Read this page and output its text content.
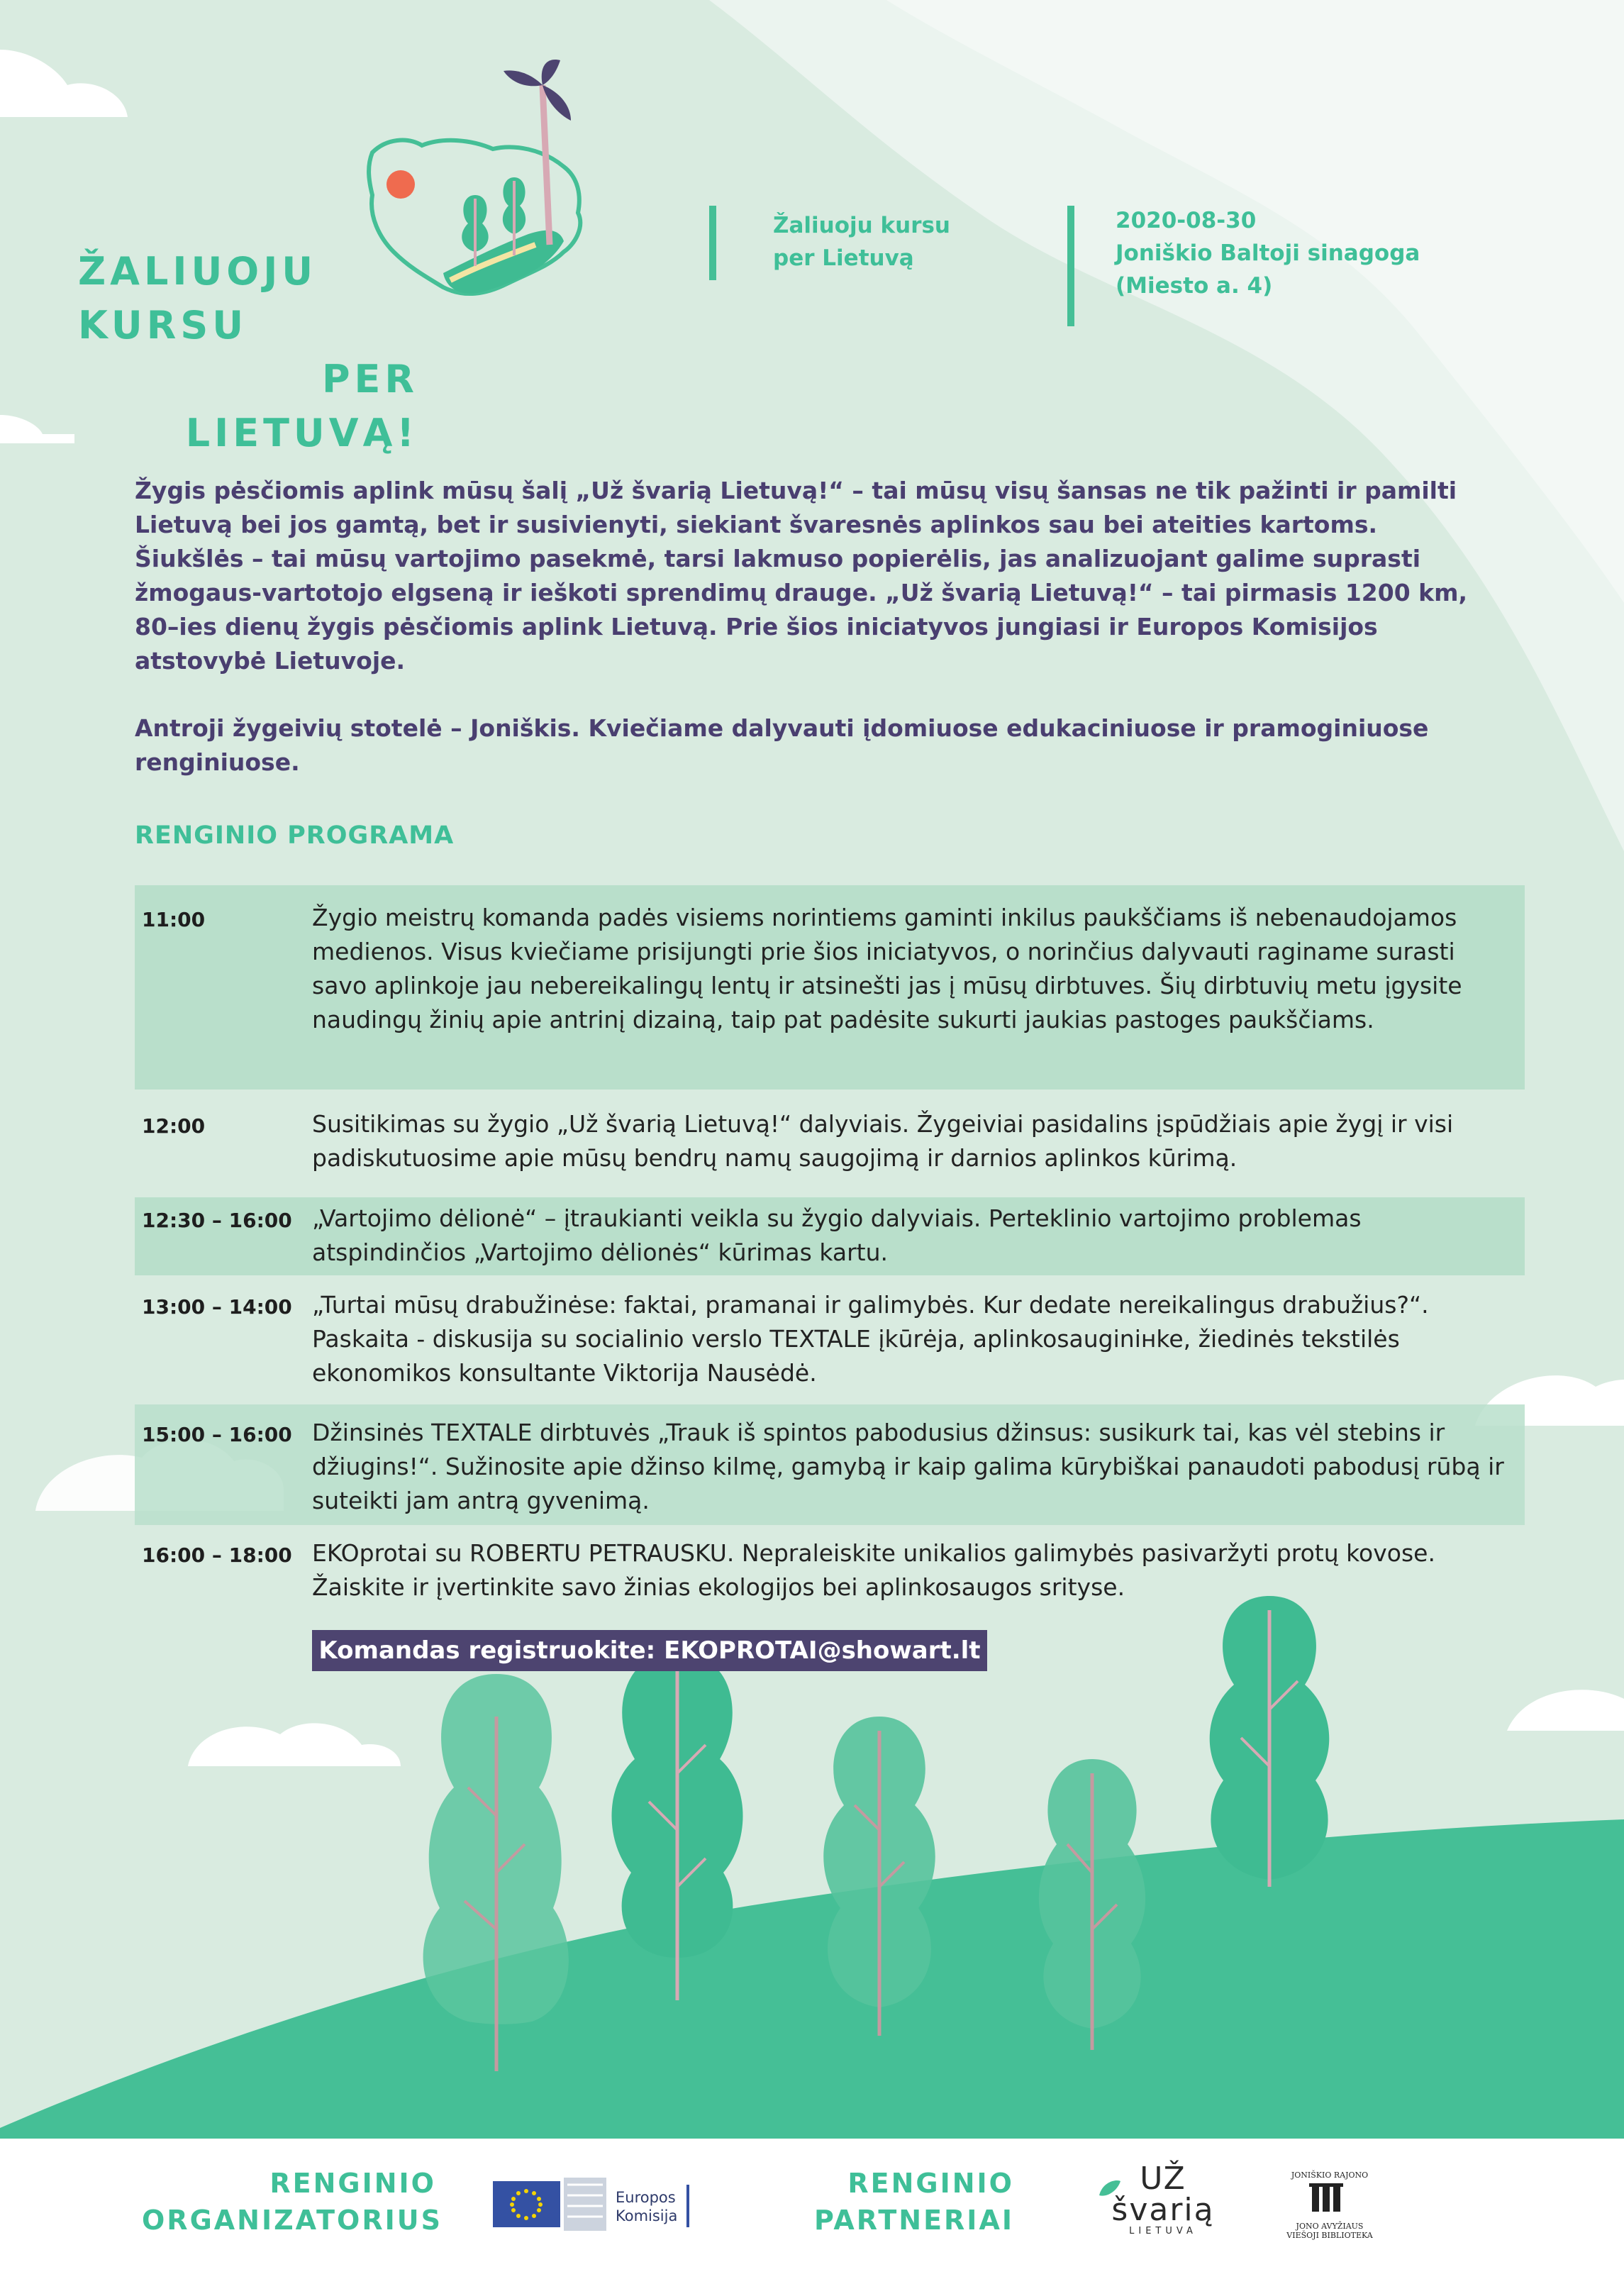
ŽALIUOJU KURSU
PER LIETUVĄ!
Žaliuoju kursu
per Lietuvą
2020-08-30
Joniškio Baltoji sinagoga
(Miesto a. 4)

Žygis pėsčiomis aplink mūsų šalį „Už švarią Lietuvą!“ – tai mūsų visų šansas ne tik pažinti ir pamilti Lietuvą bei jos gamtą, bet ir susivienyti, siekiant švaresnės aplinkos sau bei ateities kartoms. Šiukšlės – tai mūsų vartojimo pasekmė, tarsi lakmuso popierėlis, jas analizuojant galime suprasti žmogaus-vartotojo elgseną ir ieškoti sprendimų drauge. „Už švarią Lietuvą!“ – tai pirmasis 1200 km, 80–ies dienų žygis pėsčiomis aplink Lietuvą. Prie šios iniciatyvos jungiasi ir Europos Komisijos atstovybė Lietuvoje.

Antroji žygeivių stotelė – Joniškis. Kviečiame dalyvauti įdomiuose edukaciniuose ir pramoginiuose renginiuose.

RENGINIO PROGRAMA
11:00	Žygio meistrų komanda padės visiems norintiems gaminti inkilus paukščiams iš nebenaudojamos medienos. Visus kviečiame prisijungti prie šios iniciatyvos, o norinčius dalyvauti raginame surasti savo aplinkoje jau nebereikalingų lentų ir atsinešti jas į mūsų dirbtuves. Šių dirbtuvių metu įgysite naudingų žinių apie antrinį dizainą, taip pat padėsite sukurti jaukias pastoges paukščiams.
12:00	Susitikimas su žygio „Už švarią Lietuvą!“ dalyviais. Žygeiviai pasidalins įspūdžiais apie žygį ir visi padiskutuosime apie mūsų bendrų namų saugojimą ir darnios aplinkos kūrimą.
12:30 – 16:00 „Vartojimo dėlionė“ – įtraukianti veikla su žygio dalyviais. Perteklinio vartojimo problemas atspindinčios „Vartojimo dėlionės“ kūrimas kartu.
13:00 – 14:00 „Turtai mūsų drabužinėse: faktai, pramanai ir galimybės. Kur dedate nereikalingus drabužius?“. Paskaita - diskusija su socialinio verslo TEXTALE įkūrėja, aplinkosauginінke, žiedinės tekstilės ekonomikos konsultante Viktorija Nausėdė.
15:00 – 16:00 Džinsinės TEXTALE dirbtuvės „Trauk iš spintos pabodusius džinsus: susikurk tai, kas vėl stebins ir džiugins!“. Sužinosite apie džinso kilmę, gamybą ir kaip galima kūrybiškai panaudoti pabodusį rūbą ir suteikti jam antrą gyvenimą.
16:00 – 18:00 EKOprotai su ROBERTU PETRAUSKU. Nepraleiskite unikalios galimybės pasivaržyti protų kovose. Žaiskite ir įvertinkite savo žinias ekologijos bei aplinkosaugos srityse.
Komandas registruokite: EKOPROTAI@showart.lt
RENGINIO
ORGANIZATORIUS
Europos
Komisija
RENGINIO
PARTNERIAI
UŽ
švarią
LIETUVA
JONIŠKIO RAJONO
JONO AVYŽIAUS
VIEŠOJI BIBLIOTEKA
